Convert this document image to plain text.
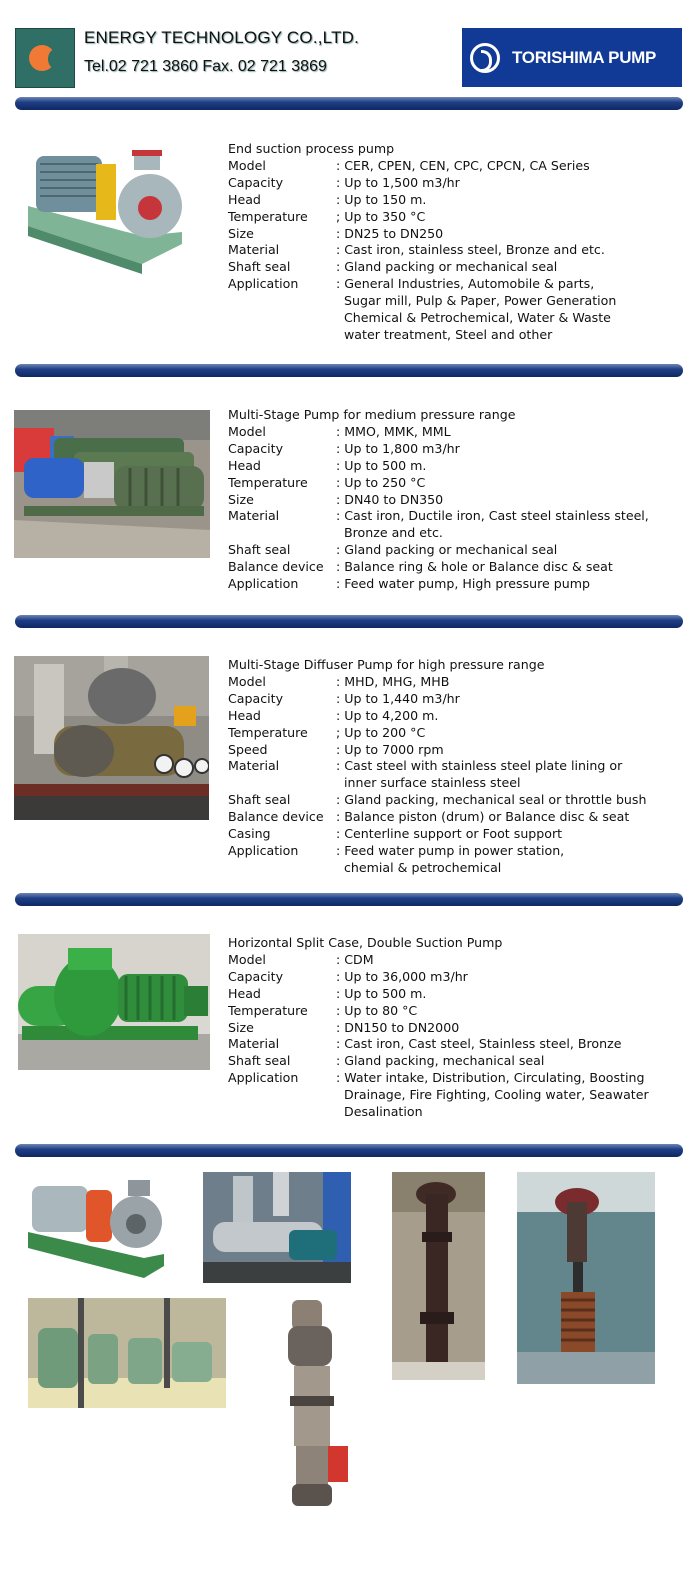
ENERGY TECHNOLOGY CO.,LTD.
Tel.02 721 3860 Fax. 02 721 3869	TORISHIMA PUMP
End suction process pump
Model	: CER, CPEN, CEN, CPC, CPCN, CA Series
Capacity	: Up to 1,500 m3/hr
Head	: Up to 150 m.
Temperature	; Up to 350 °C
Size	: DN25 to DN250
Material	: Cast iron, stainless steel, Bronze and etc.
Shaft seal	: Gland packing or mechanical seal
Application	: General Industries, Automobile & parts,
Sugar mill, Pulp & Paper, Power Generation
Chemical & Petrochemical, Water & Waste
water treatment, Steel and other
Multi-Stage Pump for medium pressure range
Model	: MMO, MMK, MML
Capacity	: Up to 1,800 m3/hr
Head	: Up to 500 m.
Temperature	: Up to 250 °C
Size	: DN40 to DN350
Material	: Cast iron, Ductile iron, Cast steel stainless steel,
Bronze and etc.
Shaft seal	: Gland packing or mechanical seal
Balance device : Balance ring & hole or Balance disc & seat
Application	: Feed water pump, High pressure pump
Multi-Stage Diffuser Pump for high pressure range
Model	: MHD, MHG, MHB
Capacity	: Up to 1,440 m3/hr
Head	: Up to 4,200 m.
Temperature	; Up to 200 °C
Speed	: Up to 7000 rpm
Material	: Cast steel with stainless steel plate lining or
inner surface stainless steel
Shaft seal	: Gland packing, mechanical seal or throttle bush
Balance device : Balance piston (drum) or Balance disc & seat
Casing	: Centerline support or Foot support
Application	: Feed water pump in power station,
chemial & petrochemical
Horizontal Split Case, Double Suction Pump
Model	: CDM
Capacity	: Up to 36,000 m3/hr
Head	: Up to 500 m.
Temperature	: Up to 80 °C
Size	: DN150 to DN2000
Material	: Cast iron, Cast steel, Stainless steel, Bronze
Shaft seal	: Gland packing, mechanical seal
Application	: Water intake, Distribution, Circulating, Boosting
Drainage, Fire Fighting, Cooling water, Seawater
Desalination
